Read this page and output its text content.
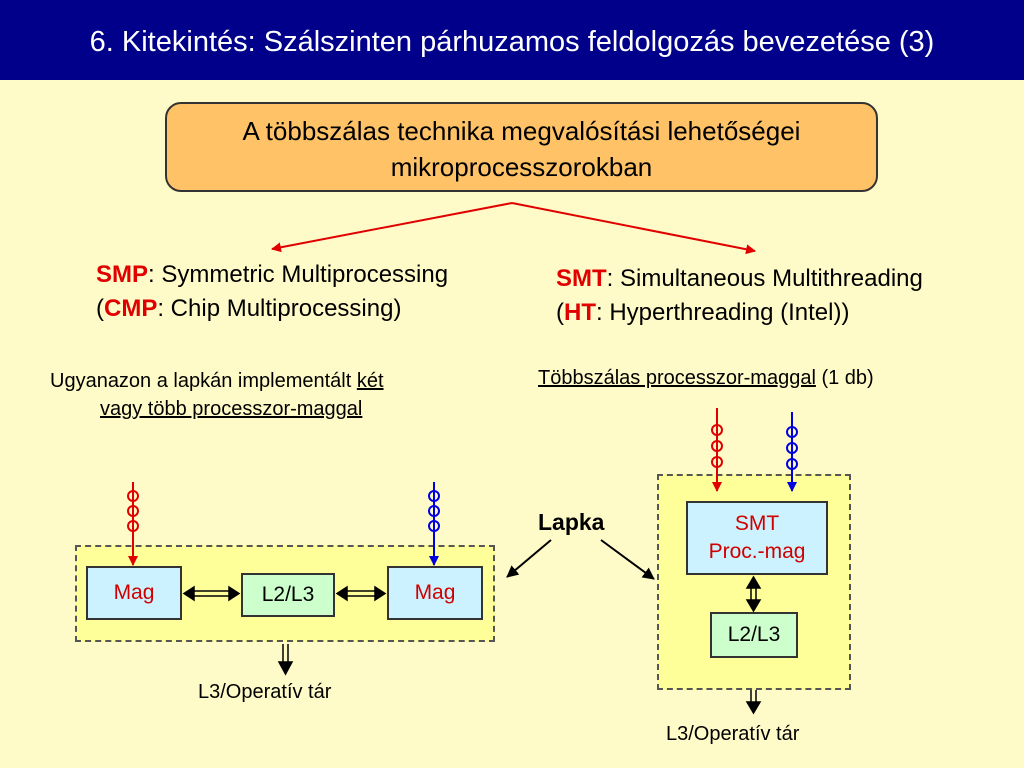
6. Kitekintés: Szálszinten párhuzamos feldolgozás bevezetése (3)
A többszálas technika megvalósítási lehetőségei
mikroprocesszorokban
SMP: Symmetric Multiprocessing
(CMP: Chip Multiprocessing)
SMT: Simultaneous Multithreading
(HT: Hyperthreading (Intel))
Ugyanazon a lapkán implementált két
vagy több processzor-maggal
Többszálas processzor-maggal (1 db)
Mag	L2/L3	Mag
L3/Operatív tár
SMT
Proc.-mag
L2/L3
L3/Operatív tár
Lapka
